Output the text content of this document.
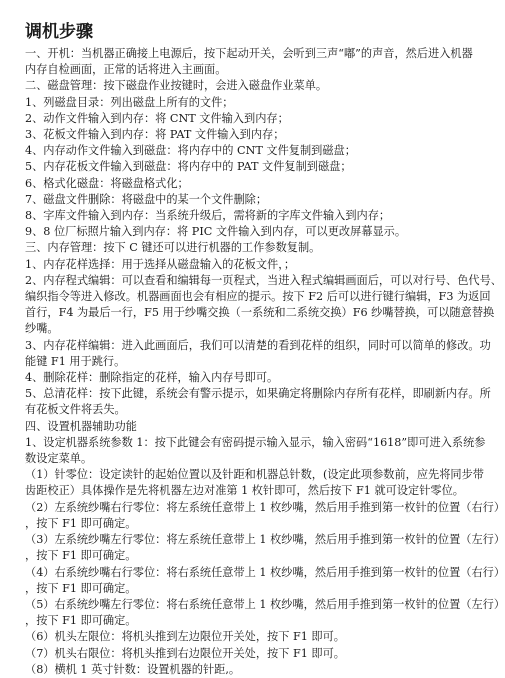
调机步骤
一、开机：当机器正确接上电源后，按下起动开关，会听到三声“嘟”的声音，然后进入机器
内存自检画面，正常的话将进入主画面。
二、磁盘管理：按下磁盘作业按键时，会进入磁盘作业菜单。
1、列磁盘目录：列出磁盘上所有的文件；
2、动作文件输入到内存：将 CNT 文件输入到内存；
3、花板文件输入到内存：将 PAT 文件输入到内存；
4、内存动作文件输入到磁盘：将内存中的 CNT 文件复制到磁盘；
5、内存花板文件输入到磁盘：将内存中的 PAT 文件复制到磁盘；
6、格式化磁盘：将磁盘格式化；
7、磁盘文件删除：将磁盘中的某一个文件删除；
8、字库文件输入到内存：当系统升级后，需将新的字库文件输入到内存；
9、8 位厂标照片输入到内存：将 PIC 文件输入到内存，可以更改屏幕显示。
三、内存管理：按下 C 键还可以进行机器的工作参数复制。
1、内存花样选择：用于选择从磁盘输入的花板文件，；
2、内存程式编辑：可以查看和编辑每一页程式，当进入程式编辑画面后，可以对行号、色代号、
编织指令等进入修改。机器画面也会有相应的提示。按下 F2 后可以进行键行编辑，F3 为返回
首行，F4 为最后一行，F5 用于纱嘴交换（一系统和二系统交换）F6 纱嘴替换，可以随意替换
纱嘴。
3、内存花样编辑：进入此画面后，我们可以清楚的看到花样的组织，同时可以简单的修改。功
能键 F1 用于跳行。
4、删除花样：删除指定的花样，输入内存号即可。
5、总清花样：按下此键，系统会有警示提示，如果确定将删除内存所有花样，即刷新内存。所
有花板文件将丢失。
四、设置机器辅助功能
1、设定机器系统参数 1：按下此键会有密码提示输入显示，输入密码“1618”即可进入系统参
数设定菜单。
（1）针零位：设定读针的起始位置以及针距和机器总针数，(设定此项参数前，应先将同步带
齿距校正）具体操作是先将机器左边对准第 1 枚针即可，然后按下 F1 就可设定针零位。
（2）左系统纱嘴右行零位：将左系统任意带上 1 枚纱嘴，然后用手推到第一枚针的位置（右行）
，按下 F1 即可确定。
（3）左系统纱嘴左行零位：将左系统任意带上 1 枚纱嘴，然后用手推到第一枚针的位置（左行）
，按下 F1 即可确定。
（4）右系统纱嘴右行零位：将右系统任意带上 1 枚纱嘴，然后用手推到第一枚针的位置（右行）
，按下 F1 即可确定。
（5）右系统纱嘴左行零位：将右系统任意带上 1 枚纱嘴，然后用手推到第一枚针的位置（左行）
，按下 F1 即可确定。
（6）机头左限位：将机头推到左边限位开关处，按下 F1 即可。
（7）机头右限位：将机头推到右边限位开关处，按下 F1 即可。
（8）横机 1 英寸针数：设置机器的针距,。
